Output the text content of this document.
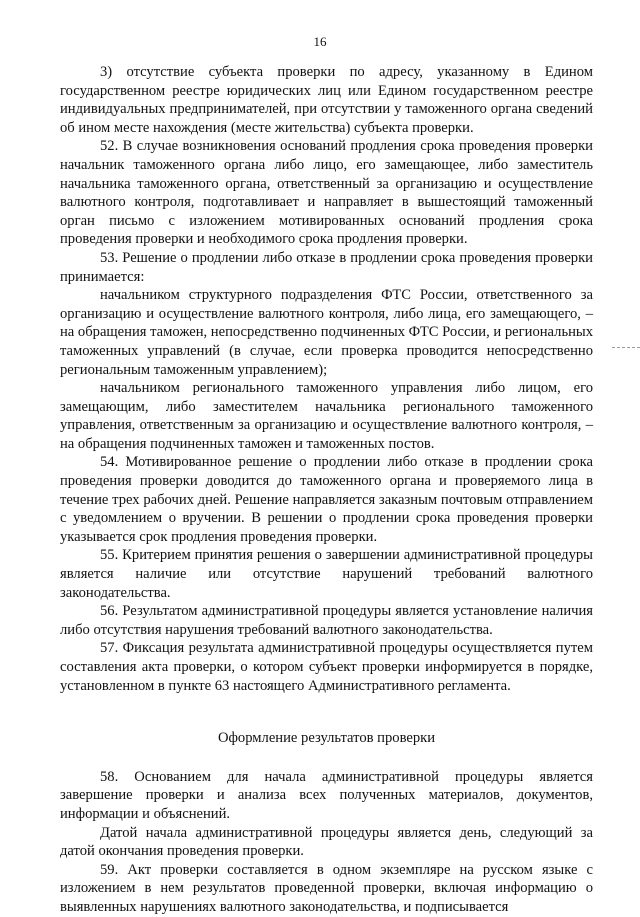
16

3) отсутствие субъекта проверки по адресу, указанному в Едином государственном реестре юридических лиц или Едином государственном реестре индивидуальных предпринимателей, при отсутствии у таможенного органа сведений об ином месте нахождения (месте жительства) субъекта проверки.

52. В случае возникновения оснований продления срока проведения проверки начальник таможенного органа либо лицо, его замещающее, либо заместитель начальника таможенного органа, ответственный за организацию и осуществление валютного контроля, подготавливает и направляет в вышестоящий таможенный орган письмо с изложением мотивированных оснований продления срока проведения проверки и необходимого срока продления проверки.

53. Решение о продлении либо отказе в продлении срока проведения проверки принимается:

начальником структурного подразделения ФТС России, ответственного за организацию и осуществление валютного контроля, либо лица, его замещающего, – на обращения таможен, непосредственно подчиненных ФТС России, и региональных таможенных управлений (в случае, если проверка проводится непосредственно региональным таможенным управлением);

начальником регионального таможенного управления либо лицом, его замещающим, либо заместителем начальника регионального таможенного управления, ответственным за организацию и осуществление валютного контроля, – на обращения подчиненных таможен и таможенных постов.

54. Мотивированное решение о продлении либо отказе в продлении срока проведения проверки доводится до таможенного органа и проверяемого лица в течение трех рабочих дней. Решение направляется заказным почтовым отправлением с уведомлением о вручении. В решении о продлении срока проведения проверки указывается срок продления проведения проверки.

55. Критерием принятия решения о завершении административной процедуры является наличие или отсутствие нарушений требований валютного законодательства.

56. Результатом административной процедуры является установление наличия либо отсутствия нарушения требований валютного законодательства.

57. Фиксация результата административной процедуры осуществляется путем составления акта проверки, о котором субъект проверки информируется в порядке, установленном в пункте 63 настоящего Административного регламента.

Оформление результатов проверки

58. Основанием для начала административной процедуры является завершение проверки и анализа всех полученных материалов, документов, информации и объяснений.

Датой начала административной процедуры является день, следующий за датой окончания проведения проверки.

59. Акт проверки составляется в одном экземпляре на русском языке с изложением в нем результатов проведенной проверки, включая информацию о выявленных нарушениях валютного законодательства, и подписывается
